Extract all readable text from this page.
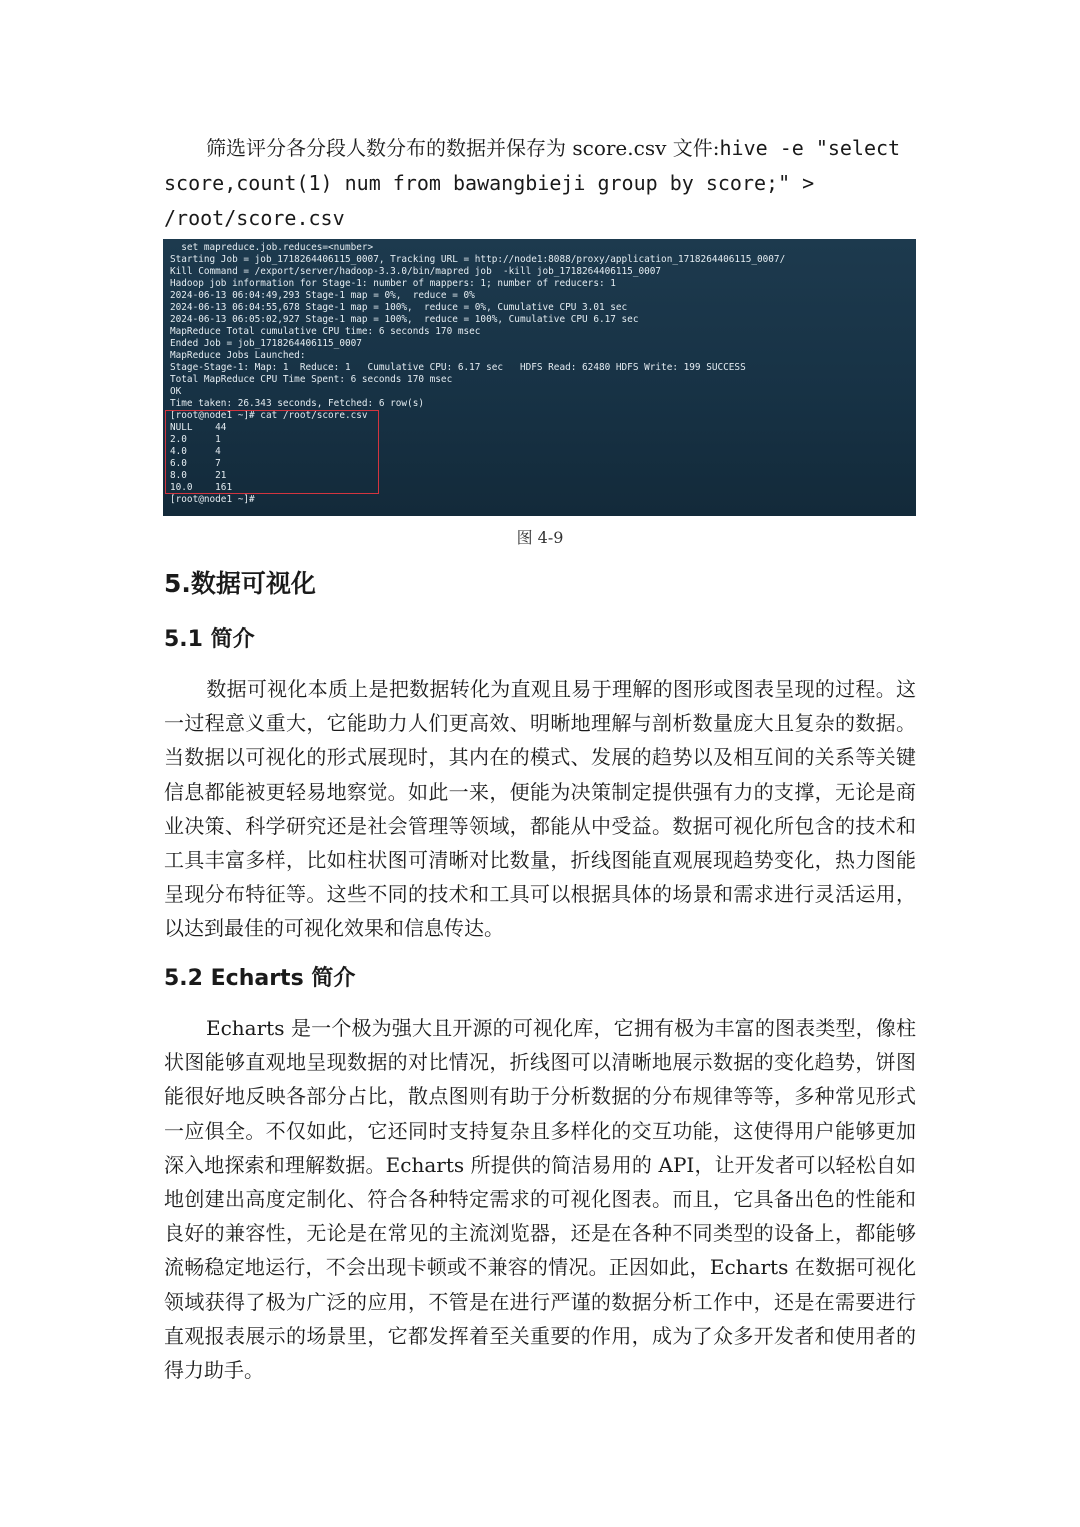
筛选评分各分段人数分布的数据并保存为 score.csv 文件:hive -e "select score,count(1) num from bawangbieji group by score;" > /root/score.csv

set mapreduce.job.reduces=<number>
Starting Job = job_1718264406115_0007, Tracking URL = http://node1:8088/proxy/application_1718264406115_0007/
Kill Command = /export/server/hadoop-3.3.0/bin/mapred job  -kill job_1718264406115_0007
Hadoop job information for Stage-1: number of mappers: 1; number of reducers: 1
2024-06-13 06:04:49,293 Stage-1 map = 0%,  reduce = 0%
2024-06-13 06:04:55,678 Stage-1 map = 100%,  reduce = 0%, Cumulative CPU 3.01 sec
2024-06-13 06:05:02,927 Stage-1 map = 100%,  reduce = 100%, Cumulative CPU 6.17 sec
MapReduce Total cumulative CPU time: 6 seconds 170 msec
Ended Job = job_1718264406115_0007
MapReduce Jobs Launched:
Stage-Stage-1: Map: 1  Reduce: 1   Cumulative CPU: 6.17 sec   HDFS Read: 62480 HDFS Write: 199 SUCCESS
Total MapReduce CPU Time Spent: 6 seconds 170 msec
OK
Time taken: 26.343 seconds, Fetched: 6 row(s)
[root@node1 ~]# cat /root/score.csv
NULL    44
2.0     1
4.0     4
6.0     7
8.0     21
10.0    161
[root@node1 ~]#
图 4-9
5.数据可视化
5.1 简介

数据可视化本质上是把数据转化为直观且易于理解的图形或图表呈现的过程。这一过程意义重大，它能助力人们更高效、明晰地理解与剖析数量庞大且复杂的数据。当数据以可视化的形式展现时，其内在的模式、发展的趋势以及相互间的关系等关键信息都能被更轻易地察觉。如此一来，便能为决策制定提供强有力的支撑，无论是商业决策、科学研究还是社会管理等领域，都能从中受益。数据可视化所包含的技术和工具丰富多样，比如柱状图可清晰对比数量，折线图能直观展现趋势变化，热力图能呈现分布特征等。这些不同的技术和工具可以根据具体的场景和需求进行灵活运用，以达到最佳的可视化效果和信息传达。

5.2 Echarts 简介

Echarts 是一个极为强大且开源的可视化库，它拥有极为丰富的图表类型，像柱状图能够直观地呈现数据的对比情况，折线图可以清晰地展示数据的变化趋势，饼图能很好地反映各部分占比，散点图则有助于分析数据的分布规律等等，多种常见形式一应俱全。不仅如此，它还同时支持复杂且多样化的交互功能，这使得用户能够更加深入地探索和理解数据。Echarts 所提供的简洁易用的 API，让开发者可以轻松自如地创建出高度定制化、符合各种特定需求的可视化图表。而且，它具备出色的性能和良好的兼容性，无论是在常见的主流浏览器，还是在各种不同类型的设备上，都能够流畅稳定地运行，不会出现卡顿或不兼容的情况。正因如此，Echarts 在数据可视化领域获得了极为广泛的应用，不管是在进行严谨的数据分析工作中，还是在需要进行直观报表展示的场景里，它都发挥着至关重要的作用，成为了众多开发者和使用者的得力助手。
